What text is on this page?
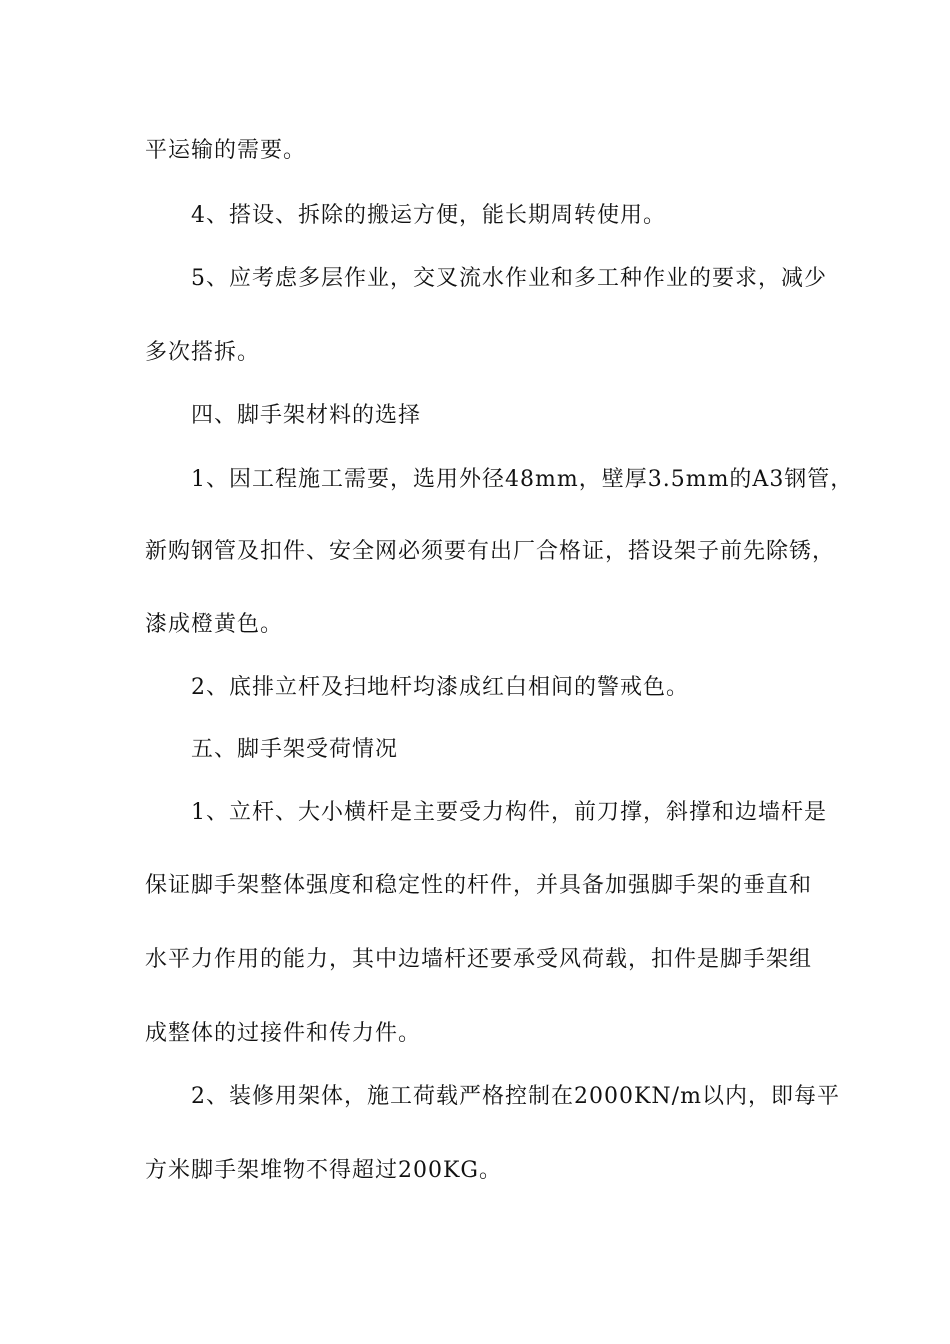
平运输的需要。
4、搭设、拆除的搬运方便，能长期周转使用。
5、应考虑多层作业，交叉流水作业和多工种作业的要求，减少
多次搭拆。
四、脚手架材料的选择
1、因工程施工需要，选用外径48mm，壁厚3.5mm的A3钢管，
新购钢管及扣件、安全网必须要有出厂合格证，搭设架子前先除锈，
漆成橙黄色。
2、底排立杆及扫地杆均漆成红白相间的警戒色。
五、脚手架受荷情况
1、立杆、大小横杆是主要受力构件，前刀撑，斜撑和边墙杆是
保证脚手架整体强度和稳定性的杆件，并具备加强脚手架的垂直和
水平力作用的能力，其中边墙杆还要承受风荷载，扣件是脚手架组
成整体的过接件和传力件。
2、装修用架体，施工荷载严格控制在2000KN/m以内，即每平
方米脚手架堆物不得超过200KG。
